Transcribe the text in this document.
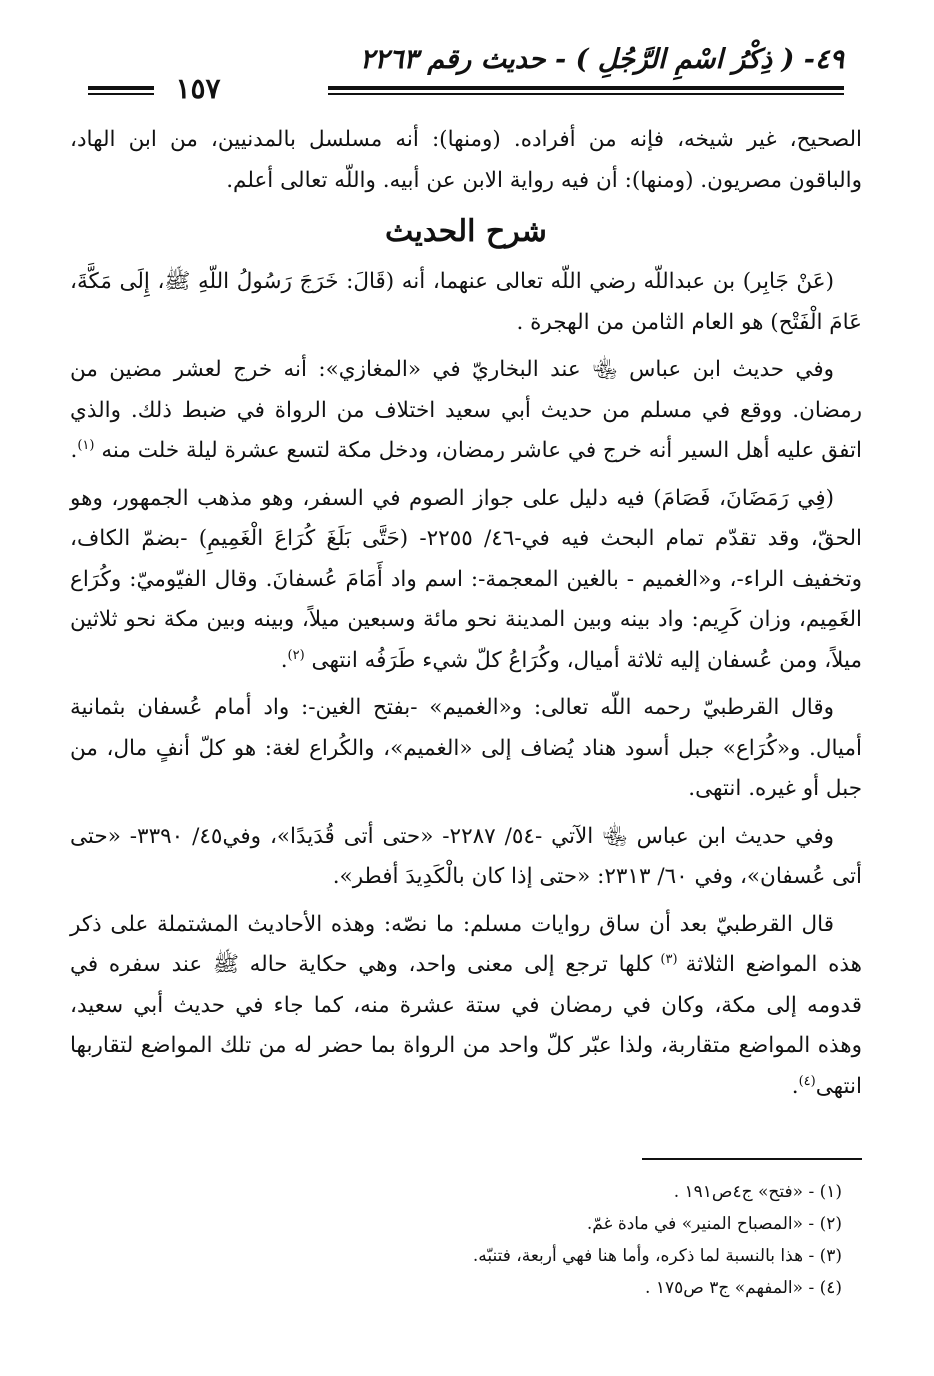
٤٩- ( ذِكْرُ اسْمِ الرَّجُلِ ) - حديث رقم ٢٢٦٣
١٥٧

الصحيح، غير شيخه، فإنه من أفراده. (ومنها): أنه مسلسل بالمدنيين، من ابن الهاد، والباقون مصريون. (ومنها): أن فيه رواية الابن عن أبيه. واللّه تعالى أعلم.

شرح الحديث

(عَنْ جَابِر) بن عبداللّه رضي اللّه تعالى عنهما، أنه (قَالَ: خَرَجَ رَسُولُ اللّهِ ﷺ، إِلَى مَكَّةَ، عَامَ الْفَتْح) هو العام الثامن من الهجرة .

وفي حديث ابن عباس ﵄ عند البخاريّ في «المغازي»: أنه خرج لعشر مضين من رمضان. ووقع في مسلم من حديث أبي سعيد اختلاف من الرواة في ضبط ذلك. والذي اتفق عليه أهل السير أنه خرج في عاشر رمضان، ودخل مكة لتسع عشرة ليلة خلت منه $^{(١)}$.

(فِي رَمَضَانَ، فَصَامَ) فيه دليل على جواز الصوم في السفر، وهو مذهب الجمهور، وهو الحقّ، وقد تقدّم تمام البحث فيه في-٤٦/ ٢٢٥٥- (حَتَّى بَلَغَ كُرَاعَ الْغَمِيمِ) -بضمّ الكاف، وتخفيف الراء-، و«الغميم - بالغين المعجمة-: اسم واد أَمَامَ عُسفانَ. وقال الفيّوميّ: وكُرَاع الغَمِيم، وزان كَرِيم: واد بينه وبين المدينة نحو مائة وسبعين ميلاً، وبينه وبين مكة نحو ثلاثين ميلاً، ومن عُسفان إليه ثلاثة أميال، وكُرَاعُ كلّ شيء طَرَفُه انتهى $^{(٢)}$.

وقال القرطبيّ رحمه اللّه تعالى: و«الغميم» -بفتح الغين-: واد أمام عُسفان بثمانية أميال. و«كُرَاع» جبل أسود هناد يُضاف إلى «الغميم»، والكُراع لغة: هو كلّ أنفٍ مال، من جبل أو غيره. انتهى.

وفي حديث ابن عباس ﵄ الآتي -٥٤/ ٢٢٨٧- «حتى أتى قُدَيدًا»، وفي٤٥/ ٣٣٩٠- «حتى أتى عُسفان»، وفي ٦٠/ ٢٣١٣: «حتى إذا كان بالْكَدِيدَ أفطر».

قال القرطبيّ بعد أن ساق روايات مسلم: ما نصّه: وهذه الأحاديث المشتملة على ذكر هذه المواضع الثلاثة $^{(٣)}$ كلها ترجع إلى معنى واحد، وهي حكاية حاله ﷺ عند سفره في قدومه إلى مكة، وكان في رمضان في ستة عشرة منه، كما جاء في حديث أبي سعيد، وهذه المواضع متقاربة، ولذا عبّر كلّ واحد من الرواة بما حضر له من تلك المواضع لتقاربها انتهى$^{(٤)}$.

(١) - «فتح» ج٤ص١٩١ .

(٢) - «المصباح المنير» في مادة غمّ.

(٣) - هذا بالنسبة لما ذكره، وأما هنا فهي أربعة، فتنبّه.

(٤) - «المفهم» ج٣ ص١٧٥ .
